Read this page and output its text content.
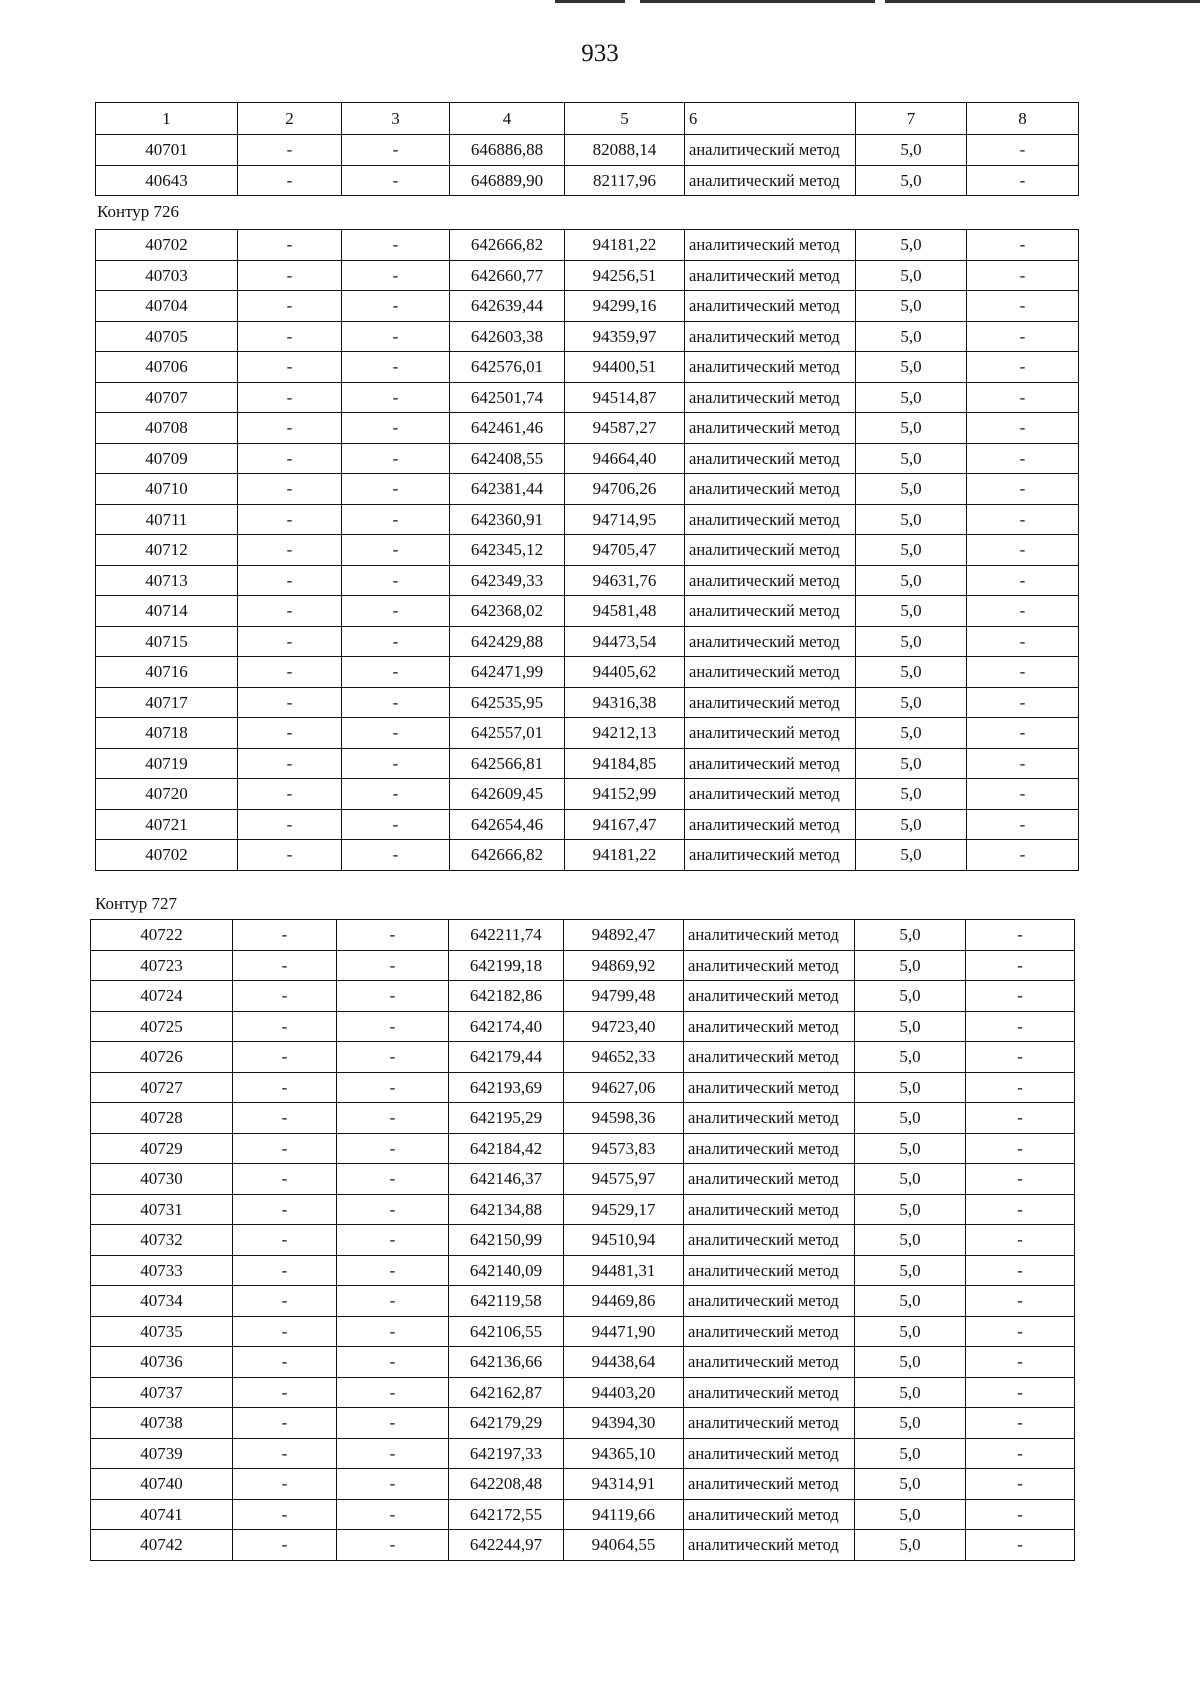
933
1	2	3	4	5	6	7	8
40701	-	-	646886,88	82088,14	аналитический метод	5,0	-
40643	-	-	646889,90	82117,96	аналитический метод	5,0	-
Контур 726
40702	-	-	642666,82	94181,22	аналитический метод	5,0	-
40703	-	-	642660,77	94256,51	аналитический метод	5,0	-
40704	-	-	642639,44	94299,16	аналитический метод	5,0	-
40705	-	-	642603,38	94359,97	аналитический метод	5,0	-
40706	-	-	642576,01	94400,51	аналитический метод	5,0	-
40707	-	-	642501,74	94514,87	аналитический метод	5,0	-
40708	-	-	642461,46	94587,27	аналитический метод	5,0	-
40709	-	-	642408,55	94664,40	аналитический метод	5,0	-
40710	-	-	642381,44	94706,26	аналитический метод	5,0	-
40711	-	-	642360,91	94714,95	аналитический метод	5,0	-
40712	-	-	642345,12	94705,47	аналитический метод	5,0	-
40713	-	-	642349,33	94631,76	аналитический метод	5,0	-
40714	-	-	642368,02	94581,48	аналитический метод	5,0	-
40715	-	-	642429,88	94473,54	аналитический метод	5,0	-
40716	-	-	642471,99	94405,62	аналитический метод	5,0	-
40717	-	-	642535,95	94316,38	аналитический метод	5,0	-
40718	-	-	642557,01	94212,13	аналитический метод	5,0	-
40719	-	-	642566,81	94184,85	аналитический метод	5,0	-
40720	-	-	642609,45	94152,99	аналитический метод	5,0	-
40721	-	-	642654,46	94167,47	аналитический метод	5,0	-
40702	-	-	642666,82	94181,22	аналитический метод	5,0	-
Контур 727
40722	-	-	642211,74	94892,47	аналитический метод	5,0	-
40723	-	-	642199,18	94869,92	аналитический метод	5,0	-
40724	-	-	642182,86	94799,48	аналитический метод	5,0	-
40725	-	-	642174,40	94723,40	аналитический метод	5,0	-
40726	-	-	642179,44	94652,33	аналитический метод	5,0	-
40727	-	-	642193,69	94627,06	аналитический метод	5,0	-
40728	-	-	642195,29	94598,36	аналитический метод	5,0	-
40729	-	-	642184,42	94573,83	аналитический метод	5,0	-
40730	-	-	642146,37	94575,97	аналитический метод	5,0	-
40731	-	-	642134,88	94529,17	аналитический метод	5,0	-
40732	-	-	642150,99	94510,94	аналитический метод	5,0	-
40733	-	-	642140,09	94481,31	аналитический метод	5,0	-
40734	-	-	642119,58	94469,86	аналитический метод	5,0	-
40735	-	-	642106,55	94471,90	аналитический метод	5,0	-
40736	-	-	642136,66	94438,64	аналитический метод	5,0	-
40737	-	-	642162,87	94403,20	аналитический метод	5,0	-
40738	-	-	642179,29	94394,30	аналитический метод	5,0	-
40739	-	-	642197,33	94365,10	аналитический метод	5,0	-
40740	-	-	642208,48	94314,91	аналитический метод	5,0	-
40741	-	-	642172,55	94119,66	аналитический метод	5,0	-
40742	-	-	642244,97	94064,55	аналитический метод	5,0	-
